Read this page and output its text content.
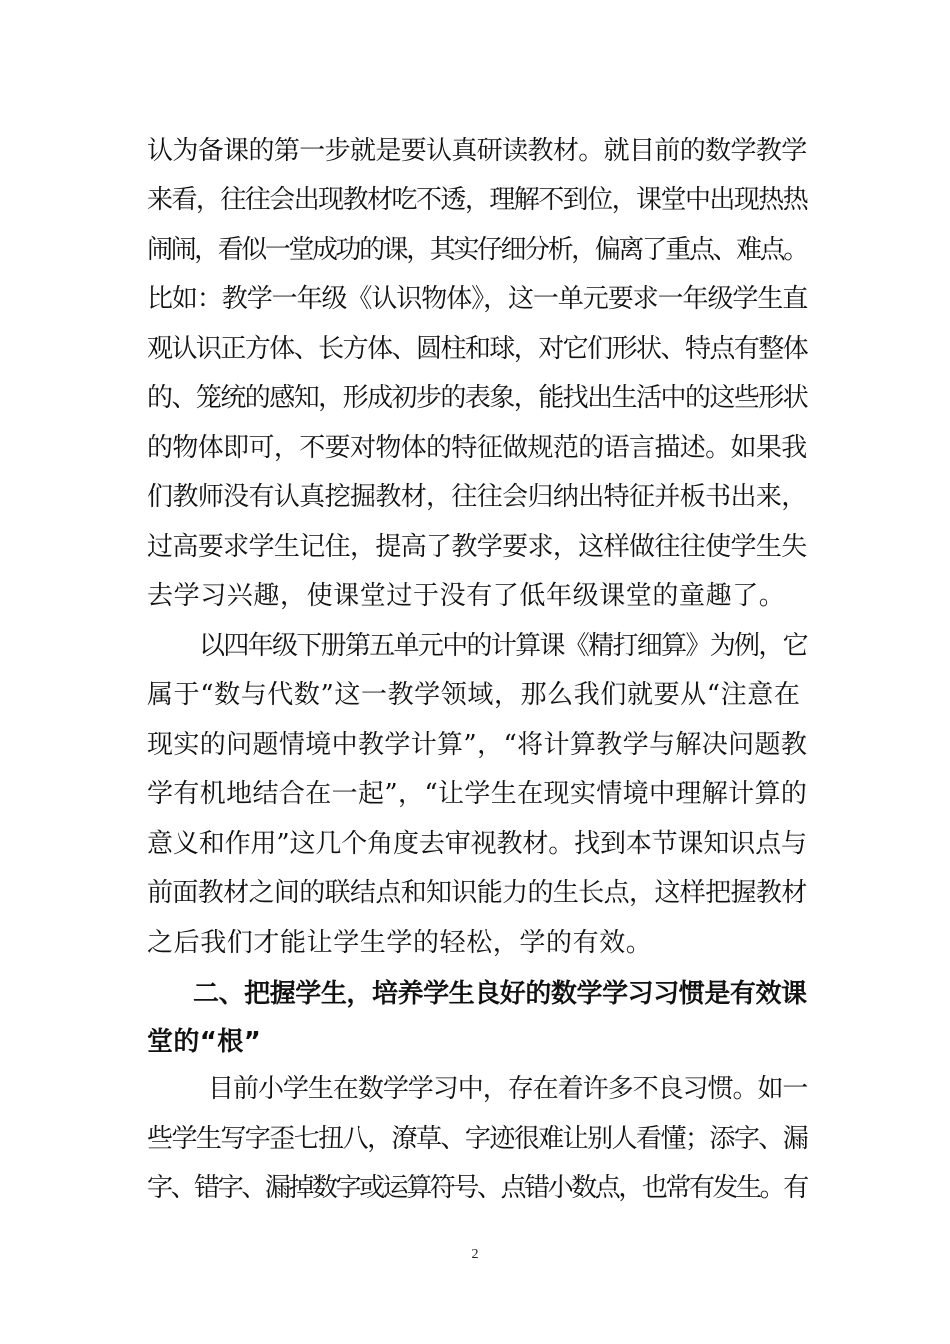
认为备课的第一步就是要认真研读教材。就目前的数学教学
来看，往往会出现教材吃不透，理解不到位，课堂中出现热热
闹闹，看似一堂成功的课，其实仔细分析，偏离了重点、难点。
比如：教学一年级《认识物体》，这一单元要求一年级学生直
观认识正方体、长方体、圆柱和球，对它们形状、特点有整体
的、笼统的感知，形成初步的表象，能找出生活中的这些形状
的物体即可，不要对物体的特征做规范的语言描述。如果我
们教师没有认真挖掘教材，往往会归纳出特征并板书出来，
过高要求学生记住，提高了教学要求，这样做往往使学生失
去学习兴趣，使课堂过于没有了低年级课堂的童趣了。
以四年级下册第五单元中的计算课《精打细算》为例，它
属于“数与代数”这一教学领域，那么我们就要从“注意在
现实的问题情境中教学计算”，“将计算教学与解决问题教
学有机地结合在一起”，“让学生在现实情境中理解计算的
意义和作用”这几个角度去审视教材。找到本节课知识点与
前面教材之间的联结点和知识能力的生长点，这样把握教材
之后我们才能让学生学的轻松，学的有效。
二、把握学生，培养学生良好的数学学习习惯是有效课
堂的“根”
目前小学生在数学学习中，存在着许多不良习惯。如一
些学生写字歪七扭八，潦草、字迹很难让别人看懂；添字、漏
字、错字、漏掉数字或运算符号、点错小数点，也常有发生。有
2
